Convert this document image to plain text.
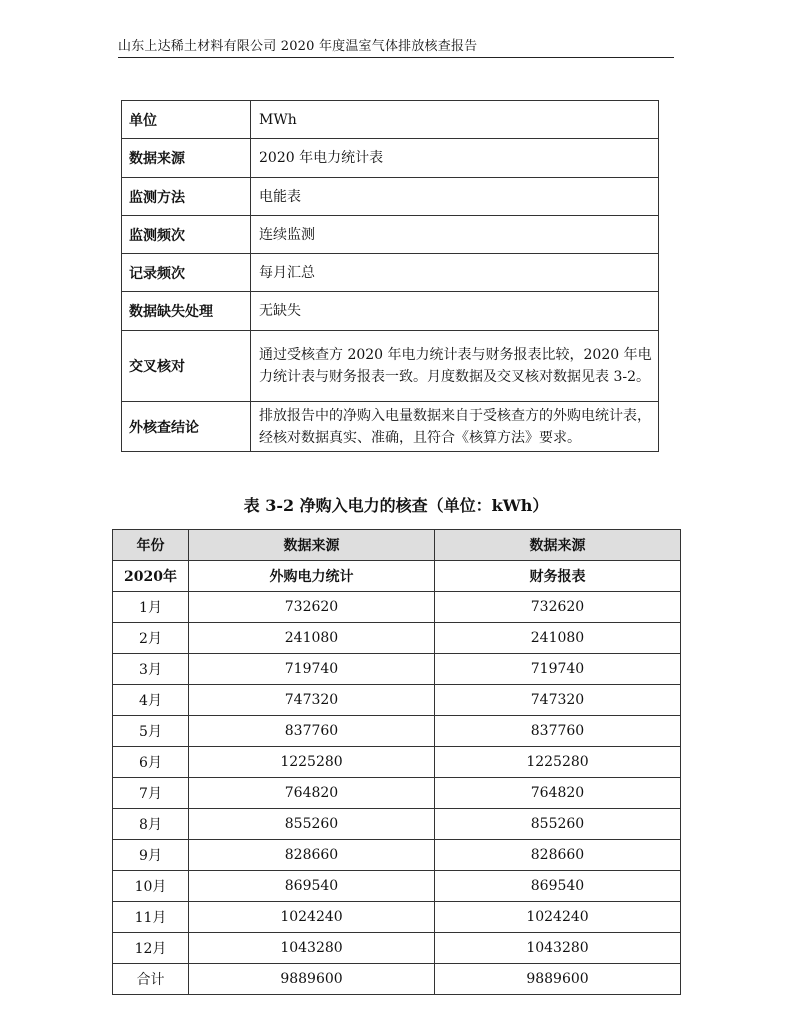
山东上达稀土材料有限公司 2020 年度温室气体排放核查报告
单位	MWh
数据来源	2020 年电力统计表
监测方法	电能表
监测频次	连续监测
记录频次	每月汇总
数据缺失处理	无缺失
交叉核对	通过受核查方 2020 年电力统计表与财务报表比较，2020 年电力统计表与财务报表一致。月度数据及交叉核对数据见表 3-2。
外核查结论	排放报告中的净购入电量数据来自于受核查方的外购电统计表，经核对数据真实、准确，且符合《核算方法》要求。
表 3-2 净购入电力的核查（单位：kWh）
年份	数据来源	数据来源
2020年	外购电力统计	财务报表
1月	732620	732620
2月	241080	241080
3月	719740	719740
4月	747320	747320
5月	837760	837760
6月	1225280	1225280
7月	764820	764820
8月	855260	855260
9月	828660	828660
10月	869540	869540
11月	1024240	1024240
12月	1043280	1043280
合计	9889600	9889600
